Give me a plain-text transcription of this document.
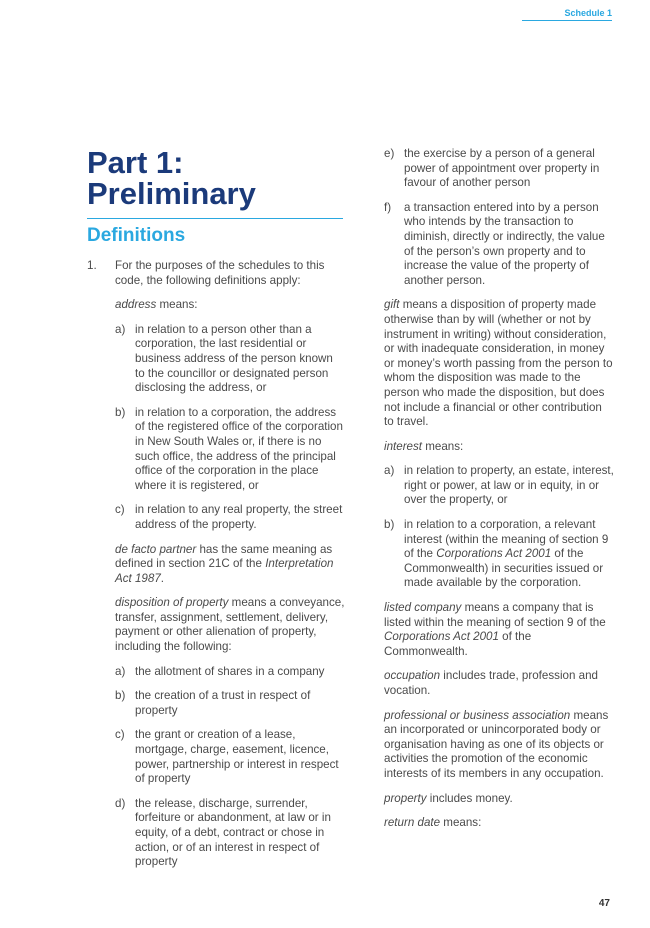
Schedule 1
Part 1: Preliminary
Definitions
1. For the purposes of the schedules to this code, the following definitions apply:

address means:

a) in relation to a person other than a corporation, the last residential or business address of the person known to the councillor or designated person disclosing the address, or
b) in relation to a corporation, the address of the registered office of the corporation in New South Wales or, if there is no such office, the address of the principal office of the corporation in the place where it is registered, or
c) in relation to any real property, the street address of the property.

de facto partner has the same meaning as defined in section 21C of the Interpretation Act 1987.

disposition of property means a conveyance, transfer, assignment, settlement, delivery, payment or other alienation of property, including the following:

a) the allotment of shares in a company
b) the creation of a trust in respect of property
c) the grant or creation of a lease, mortgage, charge, easement, licence, power, partnership or interest in respect of property
d) the release, discharge, surrender, forfeiture or abandonment, at law or in equity, of a debt, contract or chose in action, or of an interest in respect of property
e) the exercise by a person of a general power of appointment over property in favour of another person
f) a transaction entered into by a person who intends by the transaction to diminish, directly or indirectly, the value of the person’s own property and to increase the value of the property of another person.

gift means a disposition of property made otherwise than by will (whether or not by instrument in writing) without consideration, or with inadequate consideration, in money or money’s worth passing from the person to whom the disposition was made to the person who made the disposition, but does not include a financial or other contribution to travel.

interest means:

a) in relation to property, an estate, interest, right or power, at law or in equity, in or over the property, or
b) in relation to a corporation, a relevant interest (within the meaning of section 9 of the Corporations Act 2001 of the Commonwealth) in securities issued or made available by the corporation.

listed company means a company that is listed within the meaning of section 9 of the Corporations Act 2001 of the Commonwealth.

occupation includes trade, profession and vocation.

professional or business association means an incorporated or unincorporated body or organisation having as one of its objects or activities the promotion of the economic interests of its members in any occupation.

property includes money.

return date means:

47
